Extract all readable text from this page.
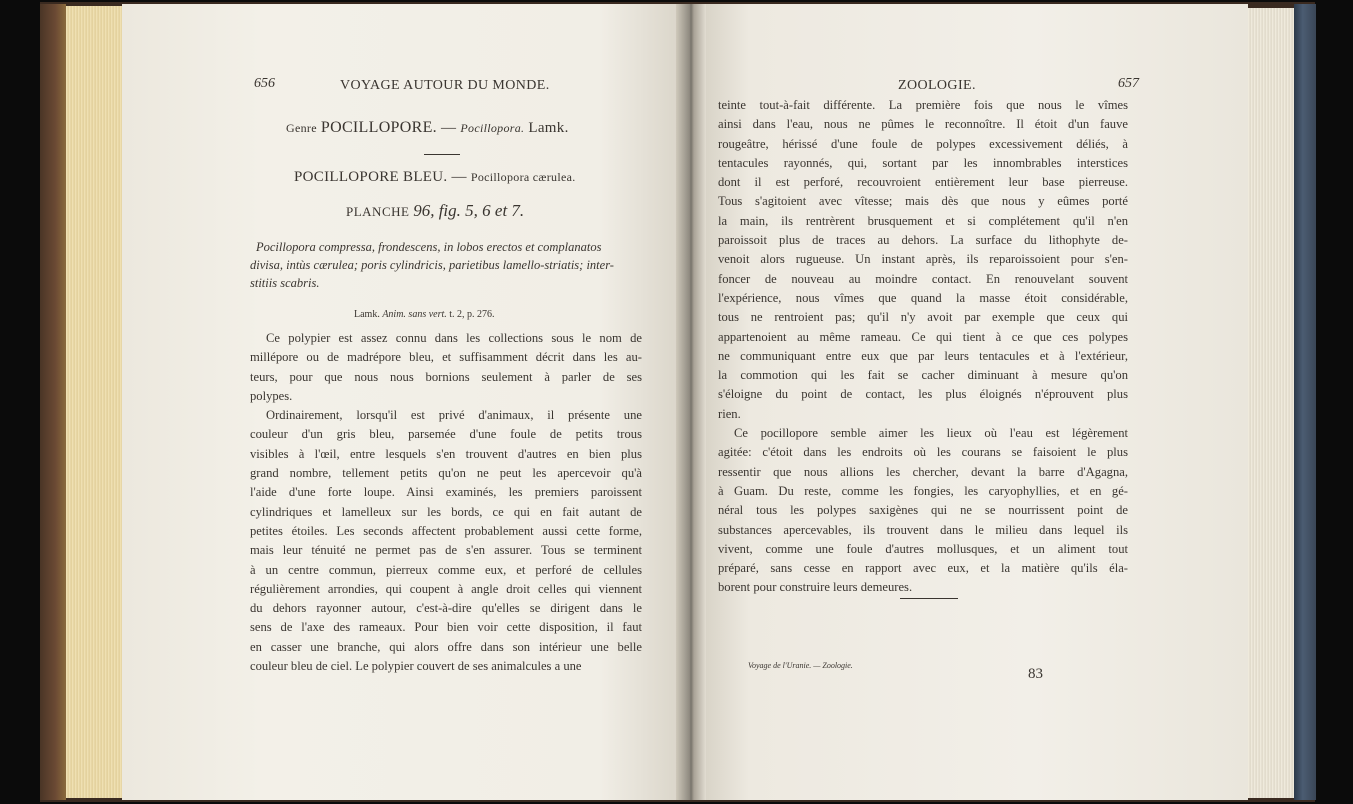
656	VOYAGE AUTOUR DU MONDE.

Genre POCILLOPORE. — Pocillopora. Lamk.
POCILLOPORE BLEU. — Pocillopora cærulea.
PLANCHE 96, fig. 5, 6 et 7.

Pocillopora compressa, frondescens, in lobos erectos et complanatos

divisa, intùs cærulea; poris cylindricis, parietibus lamello-striatis; inter-

stitiis scabris.

Lamk. Anim. sans vert. t. 2, p. 276.

Ce polypier est assez connu dans les collections sous le nom de

millépore ou de madrépore bleu, et suffisamment décrit dans les au-

teurs, pour que nous nous bornions seulement à parler de ses

polypes.

Ordinairement, lorsqu'il est privé d'animaux, il présente une

couleur d'un gris bleu, parsemée d'une foule de petits trous

visibles à l'œil, entre lesquels s'en trouvent d'autres en bien plus

grand nombre, tellement petits qu'on ne peut les apercevoir qu'à

l'aide d'une forte loupe. Ainsi examinés, les premiers paroissent

cylindriques et lamelleux sur les bords, ce qui en fait autant de

petites étoiles. Les seconds affectent probablement aussi cette forme,

mais leur ténuité ne permet pas de s'en assurer. Tous se terminent

à un centre commun, pierreux comme eux, et perforé de cellules

régulièrement arrondies, qui coupent à angle droit celles qui viennent

du dehors rayonner autour, c'est-à-dire qu'elles se dirigent dans le

sens de l'axe des rameaux. Pour bien voir cette disposition, il faut

en casser une branche, qui alors offre dans son intérieur une belle

couleur bleu de ciel. Le polypier couvert de ses animalcules a une

ZOOLOGIE.	657

teinte tout-à-fait différente. La première fois que nous le vîmes

ainsi dans l'eau, nous ne pûmes le reconnoître. Il étoit d'un fauve

rougeâtre, hérissé d'une foule de polypes excessivement déliés, à

tentacules rayonnés, qui, sortant par les innombrables interstices

dont il est perforé, recouvroient entièrement leur base pierreuse.

Tous s'agitoient avec vîtesse; mais dès que nous y eûmes porté

la main, ils rentrèrent brusquement et si complétement qu'il n'en

paroissoit plus de traces au dehors. La surface du lithophyte de-

venoit alors rugueuse. Un instant après, ils reparoissoient pour s'en-

foncer de nouveau au moindre contact. En renouvelant souvent

l'expérience, nous vîmes que quand la masse étoit considérable,

tous ne rentroient pas; qu'il n'y avoit par exemple que ceux qui

appartenoient au même rameau. Ce qui tient à ce que ces polypes

ne communiquant entre eux que par leurs tentacules et à l'extérieur,

la commotion qui les fait se cacher diminuant à mesure qu'on

s'éloigne du point de contact, les plus éloignés n'éprouvent plus

rien.

Ce pocillopore semble aimer les lieux où l'eau est légèrement

agitée: c'étoit dans les endroits où les courans se faisoient le plus

ressentir que nous allions les chercher, devant la barre d'Agagna,

à Guam. Du reste, comme les fongies, les caryophyllies, et en gé-

néral tous les polypes saxigènes qui ne se nourrissent point de

substances apercevables, ils trouvent dans le milieu dans lequel ils

vivent, comme une foule d'autres mollusques, et un aliment tout

préparé, sans cesse en rapport avec eux, et la matière qu'ils éla-

borent pour construire leurs demeures.

Voyage de l'Uranie. — Zoologie.

83
